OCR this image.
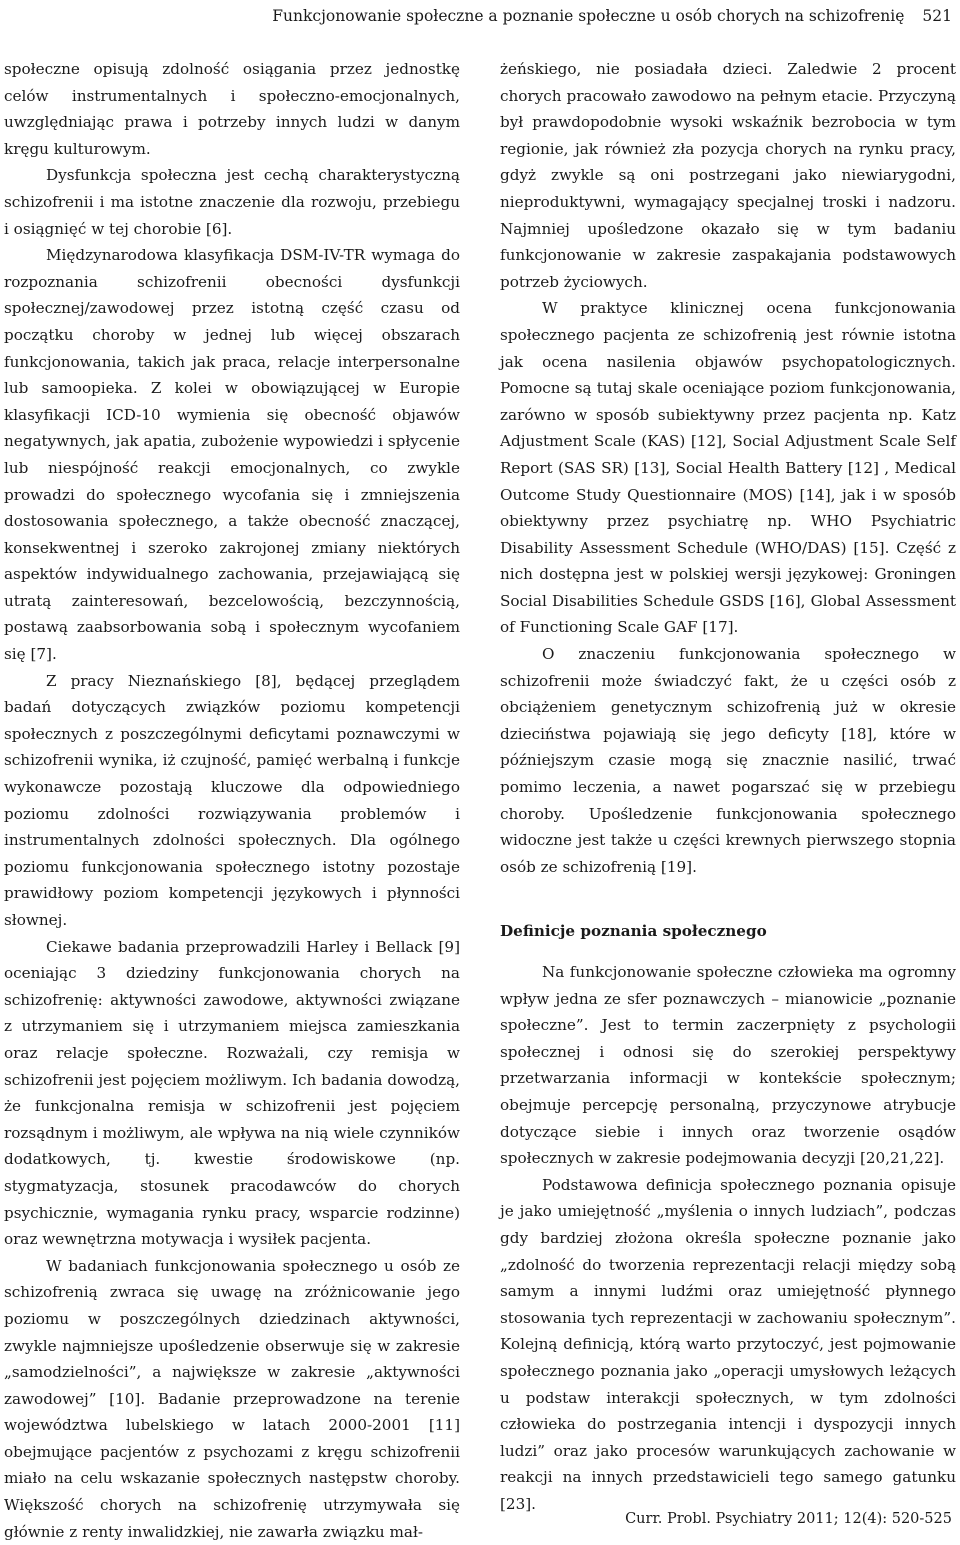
Funkcjonowanie społeczne a poznanie społeczne u osób chorych na schizofrenię 521

społeczne opisują zdolność osiągania przez jednostkę celów instrumentalnych i społeczno-emocjonalnych, uwzględniając prawa i potrzeby innych ludzi w danym kręgu kulturowym.

Dysfunkcja społeczna jest cechą charakterystyczną schizofrenii i ma istotne znaczenie dla rozwoju, przebiegu i osiągnięć w tej chorobie [6].

Międzynarodowa klasyfikacja DSM-IV-TR wymaga do rozpoznania schizofrenii obecności dysfunkcji społecznej/zawodowej przez istotną część czasu od początku choroby w jednej lub więcej obszarach funkcjonowania, takich jak praca, relacje interpersonalne lub samoopieka. Z kolei w obowiązującej w Europie klasyfikacji ICD-10 wymienia się obecność objawów negatywnych, jak apatia, zubożenie wypowiedzi i spłycenie lub niespójność reakcji emocjonalnych, co zwykle prowadzi do społecznego wycofania się i zmniejszenia dostosowania społecznego, a także obecność znaczącej, konsekwentnej i szeroko zakrojonej zmiany niektórych aspektów indywidualnego zachowania, przejawiającą się utratą zainteresowań, bezcelowością, bezczynnością, postawą zaabsorbowania sobą i społecznym wycofaniem się [7].

Z pracy Nieznańskiego [8], będącej przeglądem badań dotyczących związków poziomu kompetencji społecznych z poszczególnymi deficytami poznawczymi w schizofrenii wynika, iż czujność, pamięć werbalną i funkcje wykonawcze pozostają kluczowe dla odpowiedniego poziomu zdolności rozwiązywania problemów i instrumentalnych zdolności społecznych. Dla ogólnego poziomu funkcjonowania społecznego istotny pozostaje prawidłowy poziom kompetencji językowych i płynności słownej.

Ciekawe badania przeprowadzili Harley i Bellack [9] oceniając 3 dziedziny funkcjonowania chorych na schizofrenię: aktywności zawodowe, aktywności związane z utrzymaniem się i utrzymaniem miejsca zamieszkania oraz relacje społeczne. Rozważali, czy remisja w schizofrenii jest pojęciem możliwym. Ich badania dowodzą, że funkcjonalna remisja w schizofrenii jest pojęciem rozsądnym i możliwym, ale wpływa na nią wiele czynników dodatkowych, tj. kwestie środowiskowe (np. stygmatyzacja, stosunek pracodawców do chorych psychicznie, wymagania rynku pracy, wsparcie rodzinne) oraz wewnętrzna motywacja i wysiłek pacjenta.

W badaniach funkcjonowania społecznego u osób ze schizofrenią zwraca się uwagę na zróżnicowanie jego poziomu w poszczególnych dziedzinach aktywności, zwykle najmniejsze upośledzenie obserwuje się w zakresie „samodzielności”, a największe w zakresie „aktywności zawodowej” [10]. Badanie przeprowadzone na terenie województwa lubelskiego w latach 2000-2001 [11] obejmujące pacjentów z psychozami z kręgu schizofrenii miało na celu wskazanie społecznych następstw choroby. Większość chorych na schizofrenię utrzymywała się głównie z renty inwalidzkiej, nie zawarła związku mał-

żeńskiego, nie posiadała dzieci. Zaledwie 2 procent chorych pracowało zawodowo na pełnym etacie. Przyczyną był prawdopodobnie wysoki wskaźnik bezrobocia w tym regionie, jak również zła pozycja chorych na rynku pracy, gdyż zwykle są oni postrzegani jako niewiarygodni, nieproduktywni, wymagający specjalnej troski i nadzoru. Najmniej upośledzone okazało się w tym badaniu funkcjonowanie w zakresie zaspakajania podstawowych potrzeb życiowych.

W praktyce klinicznej ocena funkcjonowania społecznego pacjenta ze schizofrenią jest równie istotna jak ocena nasilenia objawów psychopatologicznych. Pomocne są tutaj skale oceniające poziom funkcjonowania, zarówno w sposób subiektywny przez pacjenta np. Katz Adjustment Scale (KAS) [12], Social Adjustment Scale Self Report (SAS SR) [13], Social Health Battery [12] , Medical Outcome Study Questionnaire (MOS) [14], jak i w sposób obiektywny przez psychiatrę np. WHO Psychiatric Disability Assessment Schedule (WHO/DAS) [15]. Część z nich dostępna jest w polskiej wersji językowej: Groningen Social Disabilities Schedule GSDS [16], Global Assessment of Functioning Scale GAF [17].

O znaczeniu funkcjonowania społecznego w schizofrenii może świadczyć fakt, że u części osób z obciążeniem genetycznym schizofrenią już w okresie dzieciństwa pojawiają się jego deficyty [18], które w późniejszym czasie mogą się znacznie nasilić, trwać pomimo leczenia, a nawet pogarszać się w przebiegu choroby. Upośledzenie funkcjonowania społecznego widoczne jest także u części krewnych pierwszego stopnia osób ze schizofrenią [19].

Definicje poznania społecznego

Na funkcjonowanie społeczne człowieka ma ogromny wpływ jedna ze sfer poznawczych – mianowicie „poznanie społeczne”. Jest to termin zaczerpnięty z psychologii społecznej i odnosi się do szerokiej perspektywy przetwarzania informacji w kontekście społecznym; obejmuje percepcję personalną, przyczynowe atrybucje dotyczące siebie i innych oraz tworzenie osądów społecznych w zakresie podejmowania decyzji [20,21,22].

Podstawowa definicja społecznego poznania opisuje je jako umiejętność „myślenia o innych ludziach”, podczas gdy bardziej złożona określa społeczne poznanie jako „zdolność do tworzenia reprezentacji relacji między sobą samym a innymi ludźmi oraz umiejętność płynnego stosowania tych reprezentacji w zachowaniu społecznym”. Kolejną definicją, którą warto przytoczyć, jest pojmowanie społecznego poznania jako „operacji umysłowych leżących u podstaw interakcji społecznych, w tym zdolności człowieka do postrzegania intencji i dyspozycji innych ludzi” oraz jako procesów warunkujących zachowanie w reakcji na innych przedstawicieli tego samego gatunku [23].

Curr. Probl. Psychiatry 2011; 12(4): 520-525
